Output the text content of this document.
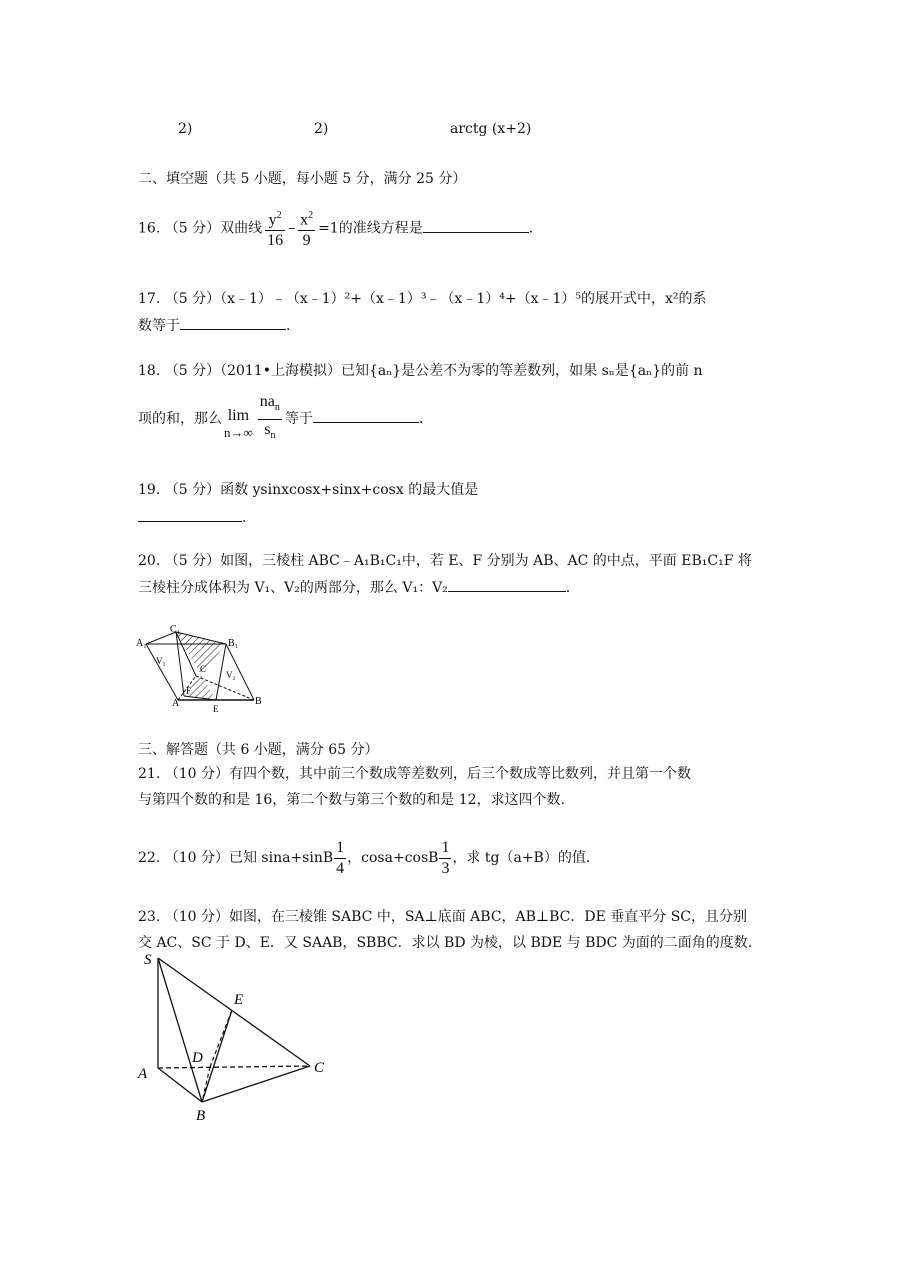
2)	2)	arctg (x+2)
二、填空题（共 5 小题，每小题 5 分，满分 25 分）
16. （5 分）双曲线 $\frac{y^2}{16} - \frac{x^2}{9} =1$的准线方程是	.
17. （5 分）（x﹣1）﹣（x﹣1）²+（x﹣1）³﹣（x﹣1）⁴+（x﹣1）⁵的展开式中，x²的系
数等于	.
18. （5 分）（2011•上海模拟）已知{aₙ}是公差不为零的等差数列，如果 sₙ是{aₙ}的前 n
项的和，那么 lim
$n\to\infty \frac{na_n}{s_n}$ 等于	.
19. （5 分）函数 ysinxcosx+sinx+cosx 的最大值是
.
20. （5 分）如图，三棱柱 ABC﹣A₁B₁C₁中，若 E、F 分别为 AB、AC 的中点，平面 EB₁C₁F 将
三棱柱分成体积为 V₁、V₂的两部分，那么 V₁：V₂	.
C₁
A₁	B₁
V₁
V₂
C
F
A	E
B
三、解答题（共 6 小题，满分 65 分）
21. （10 分）有四个数，其中前三个数成等差数列，后三个数成等比数列，并且第一个数
与第四个数的和是 16，第二个数与第三个数的和是 12，求这四个数.
22. （10 分）已知 $\sin a+\sin B \frac{1}{4}$ ，$\cos a+\cos B \frac{1}{3}$ ，求 tg（a+B）的值.
23. （10 分）如图，在三棱锥 SABC 中，SA⊥底面 ABC，AB⊥BC．DE 垂直平分 SC，且分别
交 AC、SC 于 D、E．又 SAAB，SBBC．求以 BD 为棱，以 BDE 与 BDC 为面的二面角的度数.
S
E
D
A	C
B
